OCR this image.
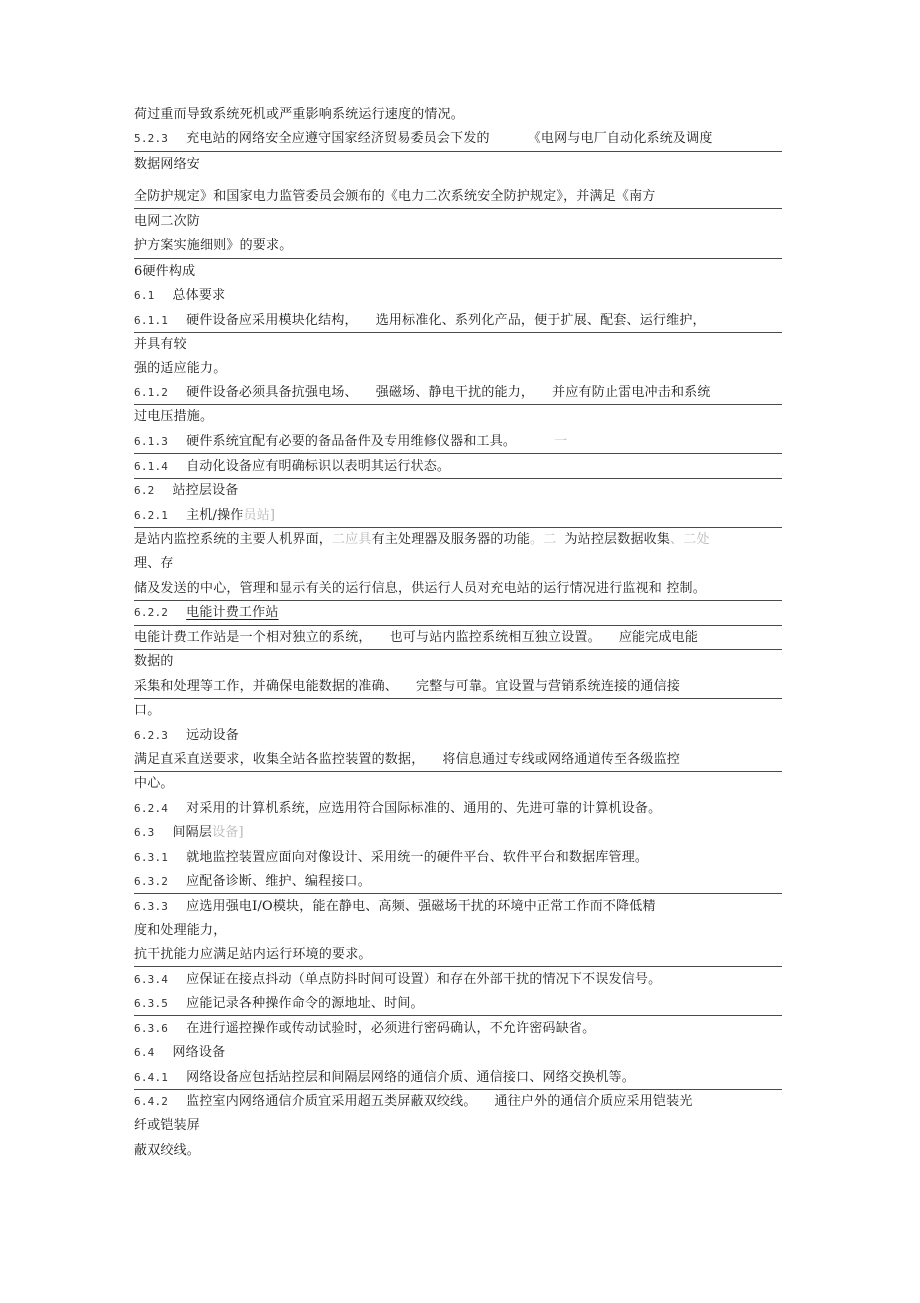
荷过重而导致系统死机或严重影响系统运行速度的情况。
5.2.3 充电站的网络安全应遵守国家经济贸易委员会下发的	《电网与电厂自动化系统及调度
数据网络安
全防护规定》和国家电力监管委员会颁布的《电力二次系统安全防护规定》，并满足《南方
电网二次防
护方案实施细则》的要求。
6硬件构成
6.1 总体要求
6.1.1 硬件设备应采用模块化结构， 选用标准化、系列化产品，便于扩展、配套、运行维护，
并具有较
强的适应能力。
6.1.2 硬件设备必须具备抗强电场、 强磁场、静电干扰的能力， 并应有防止雷电冲击和系统
过电压措施。
6.1.3 硬件系统宜配有必要的备品备件及专用维修仪器和工具。	一
6.1.4 自动化设备应有明确标识以表明其运行状态。
6.2 站控层设备
6.2.1 主机/操作员站]
是站内监控系统的主要人机界面，二应具有主处理器及服务器的功能。二 为站控层数据收集、二处
理、存
储及发送的中心，管理和显示有关的运行信息，供运行人员对充电站的运行情况进行监视和 控制。
6.2.2 电能计费工作站
电能计费工作站是一个相对独立的系统， 也可与站内监控系统相互独立设置。 应能完成电能
数据的
采集和处理等工作，并确保电能数据的准确、 完整与可靠。宜设置与营销系统连接的通信接
口。
6.2.3 远动设备
满足直采直送要求，收集全站各监控装置的数据， 将信息通过专线或网络通道传至各级监控
中心。
6.2.4 对采用的计算机系统，应选用符合国际标准的、通用的、先进可靠的计算机设备。
6.3 间隔层设备]
6.3.1 就地监控装置应面向对像设计、采用统一的硬件平台、软件平台和数据库管理。
6.3.2 应配备诊断、维护、编程接口。
6.3.3 应选用强电I/O模块，能在静电、高频、强磁场干扰的环境中正常工作而不降低精
度和处理能力，
抗干扰能力应满足站内运行环境的要求。
6.3.4 应保证在接点抖动（单点防抖时间可设置）和存在外部干扰的情况下不误发信号。
6.3.5 应能记录各种操作命令的源地址、时间。
6.3.6 在进行遥控操作或传动试验时，必须进行密码确认，不允许密码缺省。
6.4 网络设备
6.4.1 网络设备应包括站控层和间隔层网络的通信介质、通信接口、网络交换机等。
6.4.2 监控室内网络通信介质宜采用超五类屏蔽双绞线。 通往户外的通信介质应采用铠装光
纤或铠装屏
蔽双绞线。
